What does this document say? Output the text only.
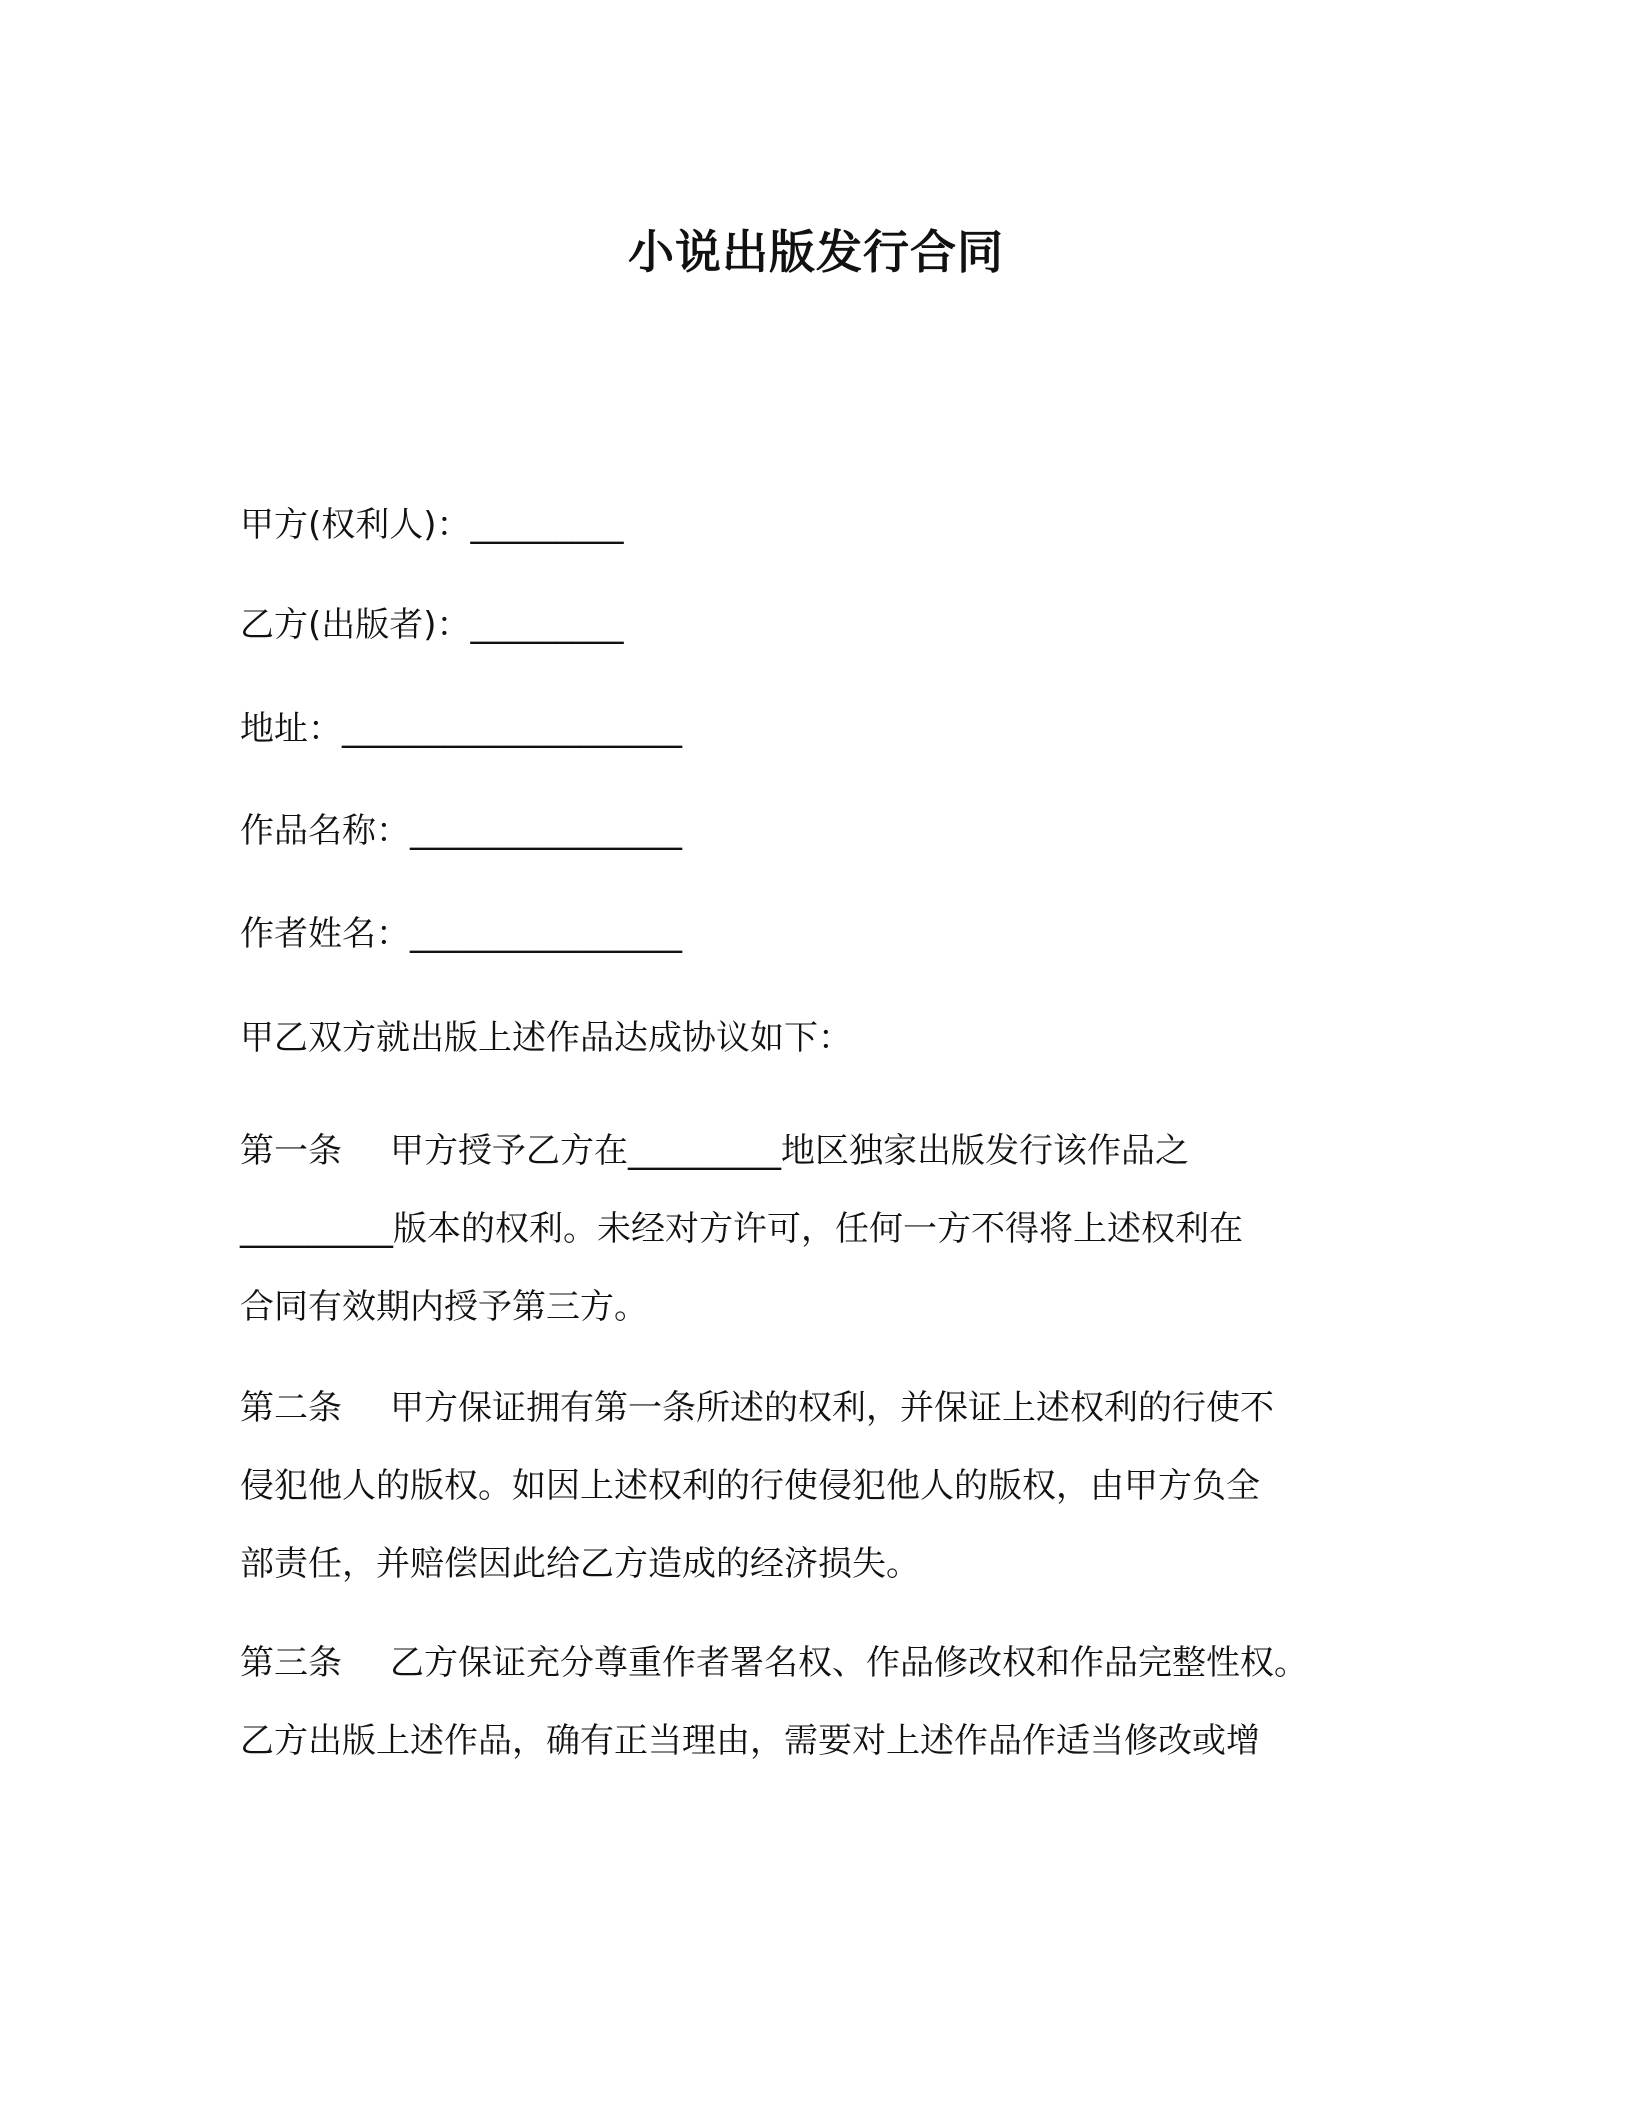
小说出版发行合同
甲方(权利人)：_________
乙方(出版者)：_________
地址：____________________
作品名称：________________
作者姓名：________________
甲乙双方就出版上述作品达成协议如下：
第一条 甲方授予乙方在_________地区独家出版发行该作品之
_________版本的权利。未经对方许可，任何一方不得将上述权利在
合同有效期内授予第三方。
第二条 甲方保证拥有第一条所述的权利，并保证上述权利的行使不
侵犯他人的版权。如因上述权利的行使侵犯他人的版权，由甲方负全
部责任，并赔偿因此给乙方造成的经济损失。
第三条 乙方保证充分尊重作者署名权、作品修改权和作品完整性权。
乙方出版上述作品，确有正当理由，需要对上述作品作适当修改或增
